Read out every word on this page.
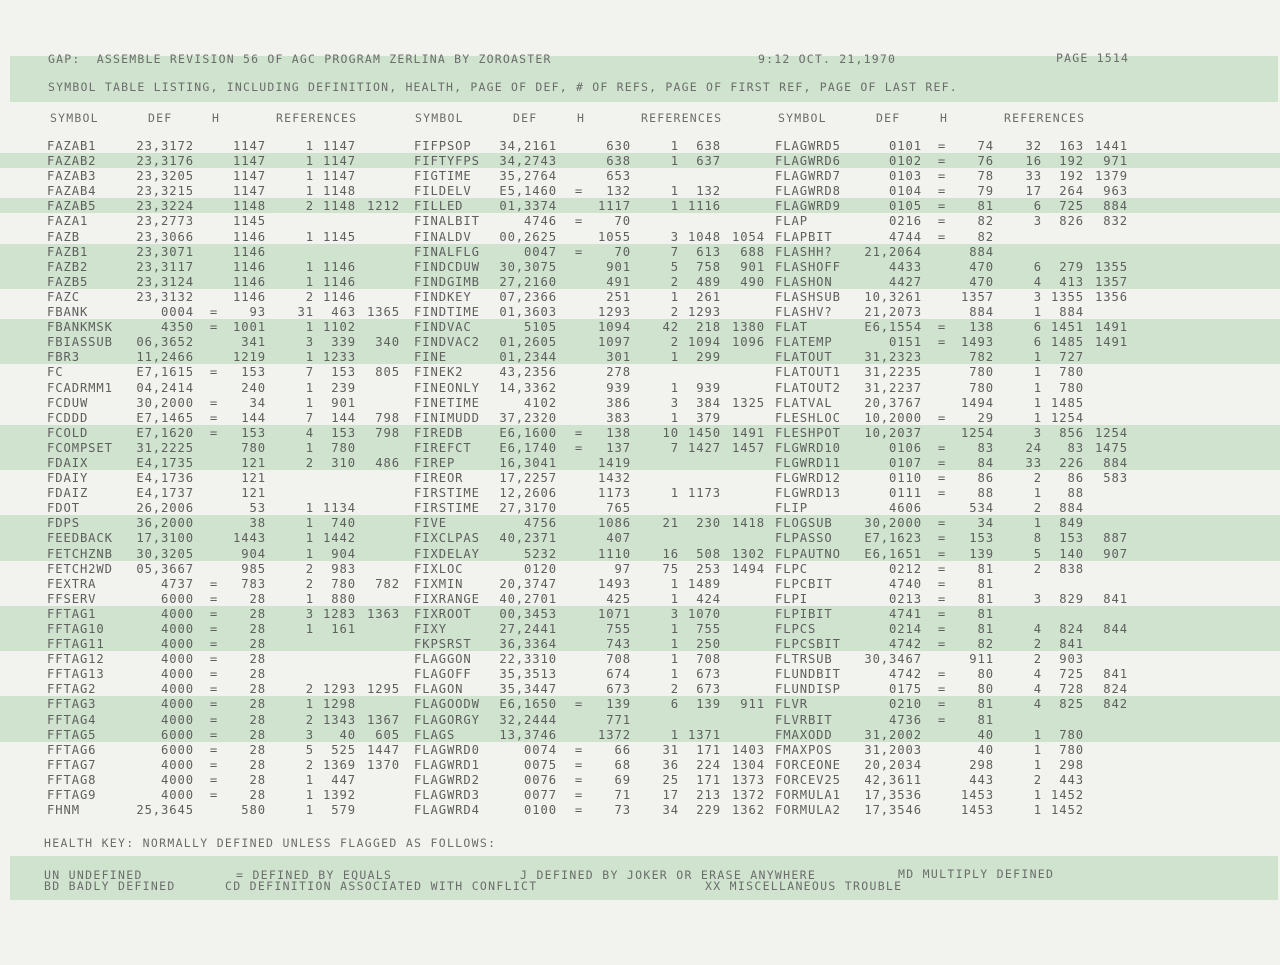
GAP:  ASSEMBLE REVISION 56 OF AGC PROGRAM ZERLINA BY ZOROASTER	9:12 OCT. 21,1970	PAGE 1514
SYMBOL TABLE LISTING, INCLUDING DEFINITION, HEALTH, PAGE OF DEF, # OF REFS, PAGE OF FIRST REF, PAGE OF LAST REF.
SYMBOL	DEF	H	REFERENCES	SYMBOL	DEF	H	REFERENCES	SYMBOL	DEF	H	REFERENCES
FAZAB1	23,3172	1147	1 1147	FIFPSOP	34,2161	630	1	638	FLAGWRD5	0101 =	74	32	163 1441
FAZAB2	23,3176	1147	1 1147	FIFTYFPS	34,2743	638	1	637	FLAGWRD6	0102 =	76	16	192	971
FAZAB3	23,3205	1147	1 1147	FIGTIME	35,2764	653	FLAGWRD7	0103 =	78	33	192 1379
FAZAB4	23,3215	1147	1 1148	FILDELV	E5,1460 =	132	1	132	FLAGWRD8	0104 =	79	17	264	963
FAZAB5	23,3224	1148	2 1148 1212 FILLED	01,3374	1117	1 1116	FLAGWRD9	0105 =	81	6	725	884
FAZA1	23,2773	1145	FINALBIT	4746 =	70	FLAP	0216 =	82	3	826	832
FAZB	23,3066	1146	1 1145	FINALDV	00,2625	1055	3 1048 1054 FLAPBIT	4744 =	82
FAZB1	23,3071	1146	FINALFLG	0047 =	70	7	613	688 FLASHH?	21,2064	884
FAZB2	23,3117	1146	1 1146	FINDCDUW	30,3075	901	5	758	901 FLASHOFF	4433	470	6	279 1355
FAZB5	23,3124	1146	1 1146	FINDGIMB	27,2160	491	2	489	490 FLASHON	4427	470	4	413 1357
FAZC	23,3132	1146	2 1146	FINDKEY	07,2366	251	1	261	FLASHSUB	10,3261	1357	3 1355 1356
FBANK	0004 =	93	31	463 1365 FINDTIME	01,3603	1293	2 1293	FLASHV?	21,2073	884	1	884
FBANKMSK	4350 =	1001	1 1102	FINDVAC	5105	1094	42	218 1380 FLAT	E6,1554 =	138	6 1451 1491
FBIASSUB	06,3652	341	3	339	340 FINDVAC2	01,2605	1097	2 1094 1096 FLATEMP	0151 =	1493	6 1485 1491
FBR3	11,2466	1219	1 1233	FINE	01,2344	301	1	299	FLATOUT	31,2323	782	1	727
FC	E7,1615 =	153	7	153	805 FINEK2	43,2356	278	FLATOUT1	31,2235	780	1	780
FCADRMM1	04,2414	240	1	239	FINEONLY	14,3362	939	1	939	FLATOUT2	31,2237	780	1	780
FCDUW	30,2000 =	34	1	901	FINETIME	4102	386	3	384 1325 FLATVAL	20,3767	1494	1 1485
FCDDD	E7,1465 =	144	7	144	798 FINIMUDD	37,2320	383	1	379	FLESHLOC	10,2000 =	29	1 1254
FCOLD	E7,1620 =	153	4	153	798 FIREDB	E6,1600 =	138	10 1450 1491 FLESHPOT	10,2037	1254	3	856 1254
FCOMPSET	31,2225	780	1	780	FIREFCT	E6,1740 =	137	7 1427 1457 FLGWRD10	0106 =	83	24	83 1475
FDAIX	E4,1735	121	2	310	486 FIREP	16,3041	1419	FLGWRD11	0107 =	84	33	226	884
FDAIY	E4,1736	121	FIREOR	17,2257	1432	FLGWRD12	0110 =	86	2	86	583
FDAIZ	E4,1737	121	FIRSTIME	12,2606	1173	1 1173	FLGWRD13	0111 =	88	1	88
FDOT	26,2006	53	1 1134	FIRSTIME	27,3170	765	FLIP	4606	534	2	884
FDPS	36,2000	38	1	740	FIVE	4756	1086	21	230 1418 FLOGSUB	30,2000 =	34	1	849
FEEDBACK	17,3100	1443	1 1442	FIXCLPAS	40,2371	407	FLPASSO	E7,1623 =	153	8	153	887
FETCHZNB	30,3205	904	1	904	FIXDELAY	5232	1110	16	508 1302 FLPAUTNO	E6,1651 =	139	5	140	907
FETCH2WD	05,3667	985	2	983	FIXLOC	0120	97	75	253 1494 FLPC	0212 =	81	2	838
FEXTRA	4737 =	783	2	780	782 FIXMIN	20,3747	1493	1 1489	FLPCBIT	4740 =	81
FFSERV	6000 =	28	1	880	FIXRANGE	40,2701	425	1	424	FLPI	0213 =	81	3	829	841
FFTAG1	4000 =	28	3 1283 1363 FIXROOT	00,3453	1071	3 1070	FLPIBIT	4741 =	81
FFTAG10	4000 =	28	1	161	FIXY	27,2441	755	1	755	FLPCS	0214 =	81	4	824	844
FFTAG11	4000 =	28	FKPSRST	36,3364	743	1	250	FLPCSBIT	4742 =	82	2	841
FFTAG12	4000 =	28	FLAGGON	22,3310	708	1	708	FLTRSUB	30,3467	911	2	903
FFTAG13	4000 =	28	FLAGOFF	35,3513	674	1	673	FLUNDBIT	4742 =	80	4	725	841
FFTAG2	4000 =	28	2 1293 1295 FLAGON	35,3447	673	2	673	FLUNDISP	0175 =	80	4	728	824
FFTAG3	4000 =	28	1 1298	FLAGOODW	E6,1650 =	139	6	139	911 FLVR	0210 =	81	4	825	842
FFTAG4	4000 =	28	2 1343 1367 FLAGORGY	32,2444	771	FLVRBIT	4736 =	81
FFTAG5	6000 =	28	3	40	605 FLAGS	13,3746	1372	1 1371	FMAXODD	31,2002	40	1	780
FFTAG6	6000 =	28	5	525 1447 FLAGWRD0	0074 =	66	31	171 1403 FMAXPOS	31,2003	40	1	780
FFTAG7	4000 =	28	2 1369 1370 FLAGWRD1	0075 =	68	36	224 1304 FORCEONE	20,2034	298	1	298
FFTAG8	4000 =	28	1	447	FLAGWRD2	0076 =	69	25	171 1373 FORCEV25	42,3611	443	2	443
FFTAG9	4000 =	28	1 1392	FLAGWRD3	0077 =	71	17	213 1372 FORMULA1	17,3536	1453	1 1452
FHNM	25,3645	580	1	579	FLAGWRD4	0100 =	73	34	229 1362 FORMULA2	17,3546	1453	1 1452
HEALTH KEY: NORMALLY DEFINED UNLESS FLAGGED AS FOLLOWS:
UN UNDEFINED
BD BADLY DEFINED
= DEFINED BY EQUALS
CD DEFINITION ASSOCIATED WITH CONFLICT
J DEFINED BY JOKER OR ERASE ANYWHERE
XX MISCELLANEOUS TROUBLE
MD MULTIPLY DEFINED
